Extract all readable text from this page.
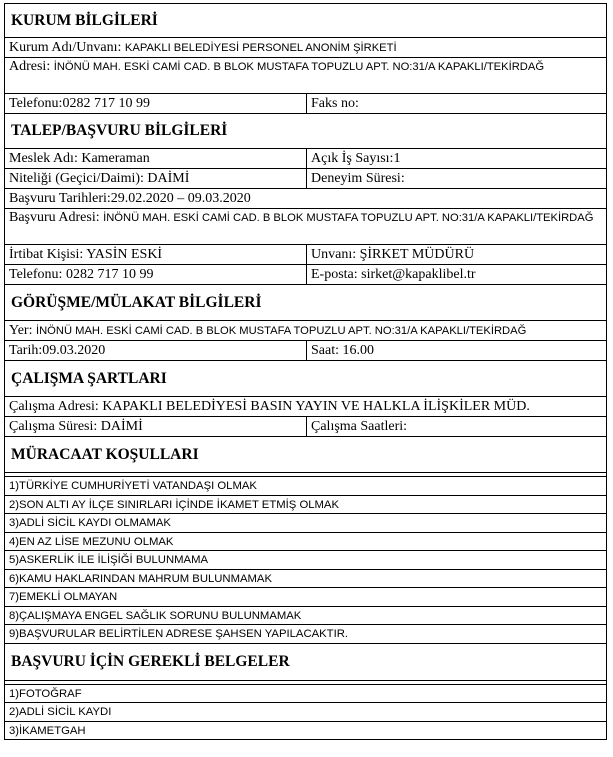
KURUM BİLGİLERİ
Kurum Adı/Unvanı: KAPAKLI BELEDİYESİ PERSONEL ANONİM ŞİRKETİ
Adresi: İNÖNÜ MAH. ESKİ CAMİ CAD. B BLOK MUSTAFA TOPUZLU APT. NO:31/A KAPAKLI/TEKİRDAĞ
Telefonu:0282 717 10 99	Faks no:
TALEP/BAŞVURU BİLGİLERİ
Meslek Adı: Kameraman	Açık İş Sayısı:1
Niteliği (Geçici/Daimi): DAİMİ	Deneyim Süresi:
Başvuru Tarihleri:29.02.2020 – 09.03.2020
Başvuru Adresi: İNÖNÜ MAH. ESKİ CAMİ CAD. B BLOK MUSTAFA TOPUZLU APT. NO:31/A KAPAKLI/TEKİRDAĞ
İrtibat Kişisi: YASİN ESKİ	Unvanı: ŞİRKET MÜDÜRÜ
Telefonu: 0282 717 10 99	E-posta: sirket@kapaklibel.tr
GÖRÜŞME/MÜLAKAT BİLGİLERİ
Yer: İNÖNÜ MAH. ESKİ CAMİ CAD. B BLOK MUSTAFA TOPUZLU APT. NO:31/A KAPAKLI/TEKİRDAĞ
Tarih:09.03.2020	Saat: 16.00
ÇALIŞMA ŞARTLARI
Çalışma Adresi: KAPAKLI BELEDİYESİ BASIN YAYIN VE HALKLA İLİŞKİLER MÜD.
Çalışma Süresi: DAİMİ	Çalışma Saatleri:
MÜRACAAT KOŞULLARI
1)TÜRKİYE CUMHURİYETİ VATANDAŞI OLMAK
2)SON ALTI AY İLÇE SINIRLARI İÇİNDE İKAMET ETMİŞ OLMAK
3)ADLİ SİCİL KAYDI OLMAMAK
4)EN AZ LİSE MEZUNU OLMAK
5)ASKERLİK İLE İLİŞİĞİ BULUNMAMA
6)KAMU HAKLARINDAN MAHRUM BULUNMAMAK
7)EMEKLİ OLMAYAN
8)ÇALIŞMAYA ENGEL SAĞLIK SORUNU BULUNMAMAK
9)BAŞVURULAR BELİRTİLEN ADRESE ŞAHSEN YAPILACAKTIR.
BAŞVURU İÇİN GEREKLİ BELGELER
1)FOTOĞRAF
2)ADLİ SİCİL KAYDI
3)İKAMETGAH
